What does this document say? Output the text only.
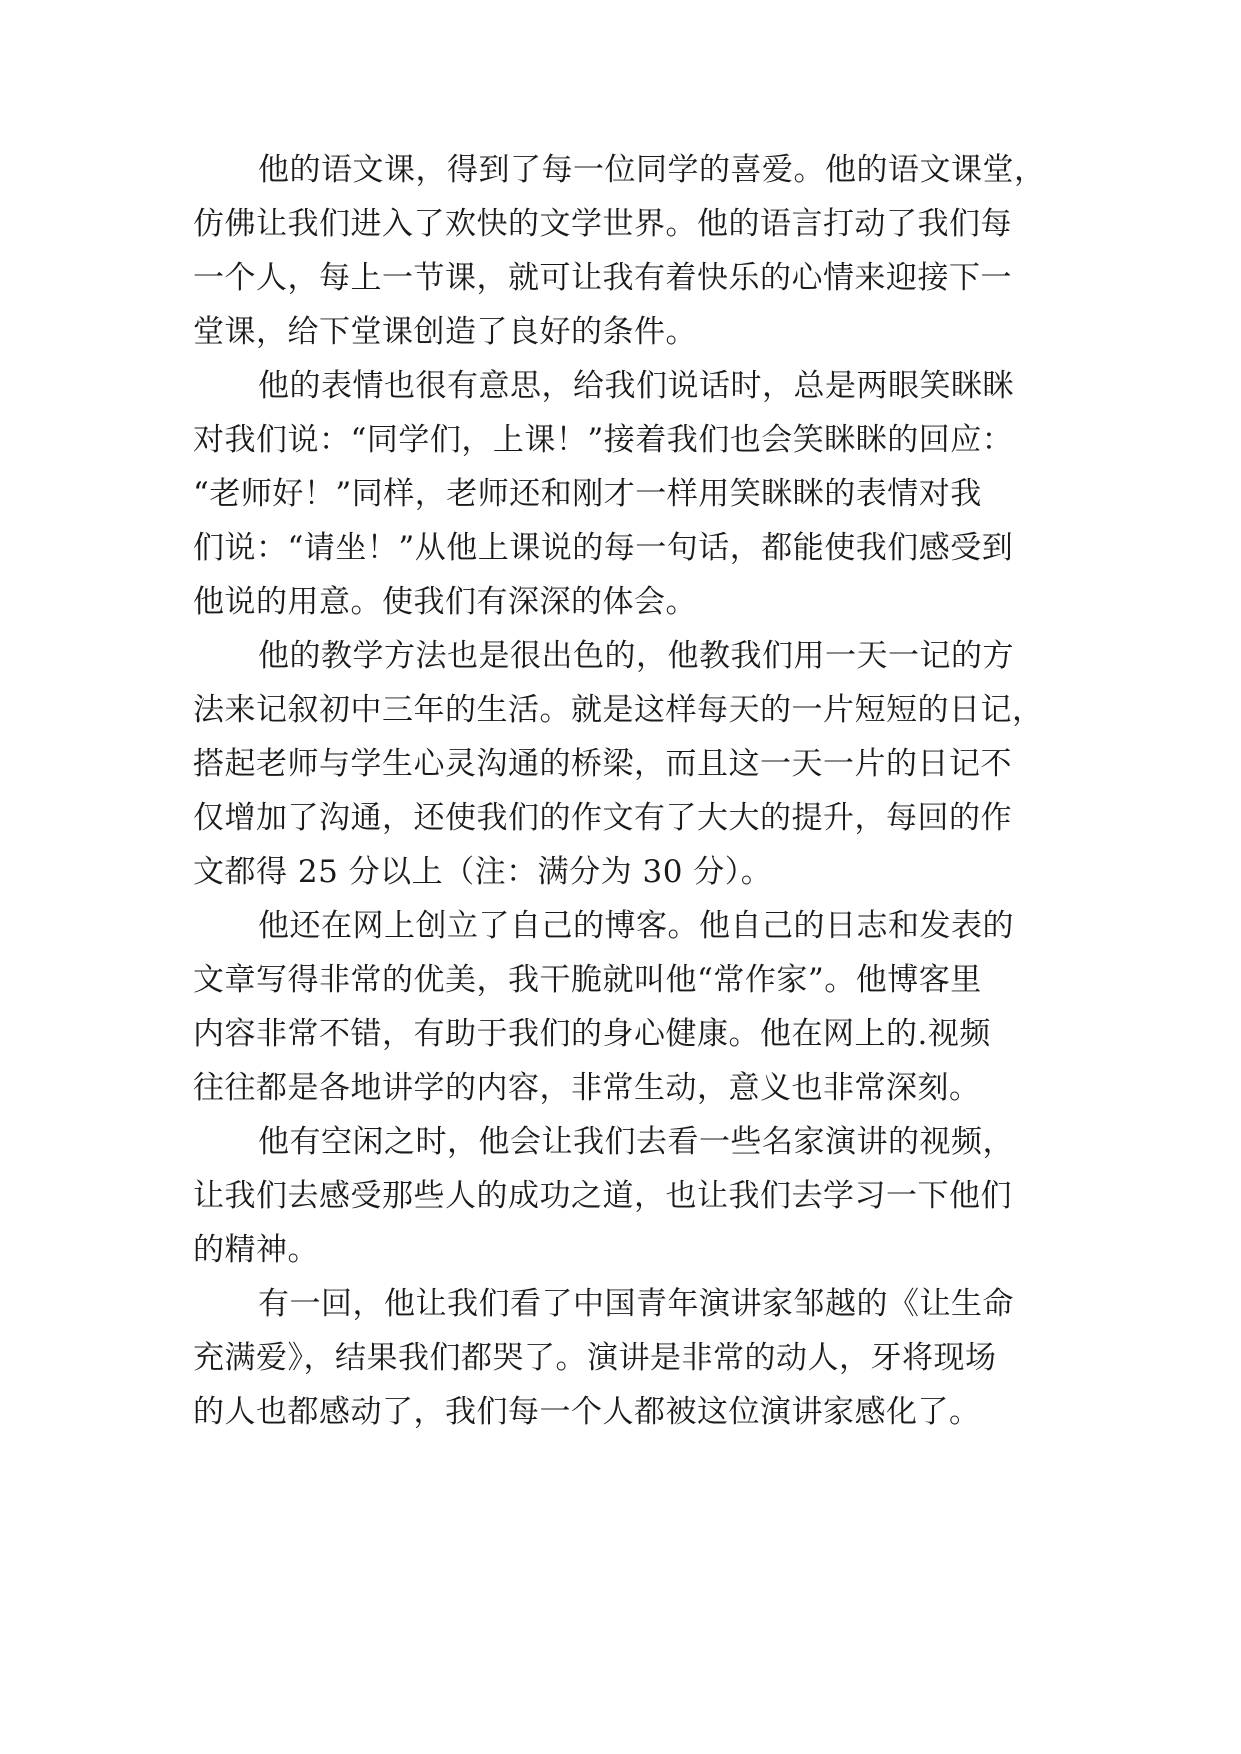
他的语文课，得到了每一位同学的喜爱。他的语文课堂，
仿佛让我们进入了欢快的文学世界。他的语言打动了我们每
一个人，每上一节课，就可让我有着快乐的心情来迎接下一
堂课，给下堂课创造了良好的条件。
他的表情也很有意思，给我们说话时，总是两眼笑眯眯
对我们说：“同学们，上课！”接着我们也会笑眯眯的回应：
“老师好！”同样，老师还和刚才一样用笑眯眯的表情对我
们说：“请坐！”从他上课说的每一句话，都能使我们感受到
他说的用意。使我们有深深的体会。
他的教学方法也是很出色的，他教我们用一天一记的方
法来记叙初中三年的生活。就是这样每天的一片短短的日记，
搭起老师与学生心灵沟通的桥梁，而且这一天一片的日记不
仅增加了沟通，还使我们的作文有了大大的提升，每回的作
文都得 25 分以上（注：满分为 30 分）。
他还在网上创立了自己的博客。他自己的日志和发表的
文章写得非常的优美，我干脆就叫他“常作家”。他博客里
内容非常不错，有助于我们的身心健康。他在网上的.视频
往往都是各地讲学的内容，非常生动，意义也非常深刻。
他有空闲之时，他会让我们去看一些名家演讲的视频，
让我们去感受那些人的成功之道，也让我们去学习一下他们
的精神。
有一回，他让我们看了中国青年演讲家邹越的《让生命
充满爱》，结果我们都哭了。演讲是非常的动人，牙将现场
的人也都感动了，我们每一个人都被这位演讲家感化了。
